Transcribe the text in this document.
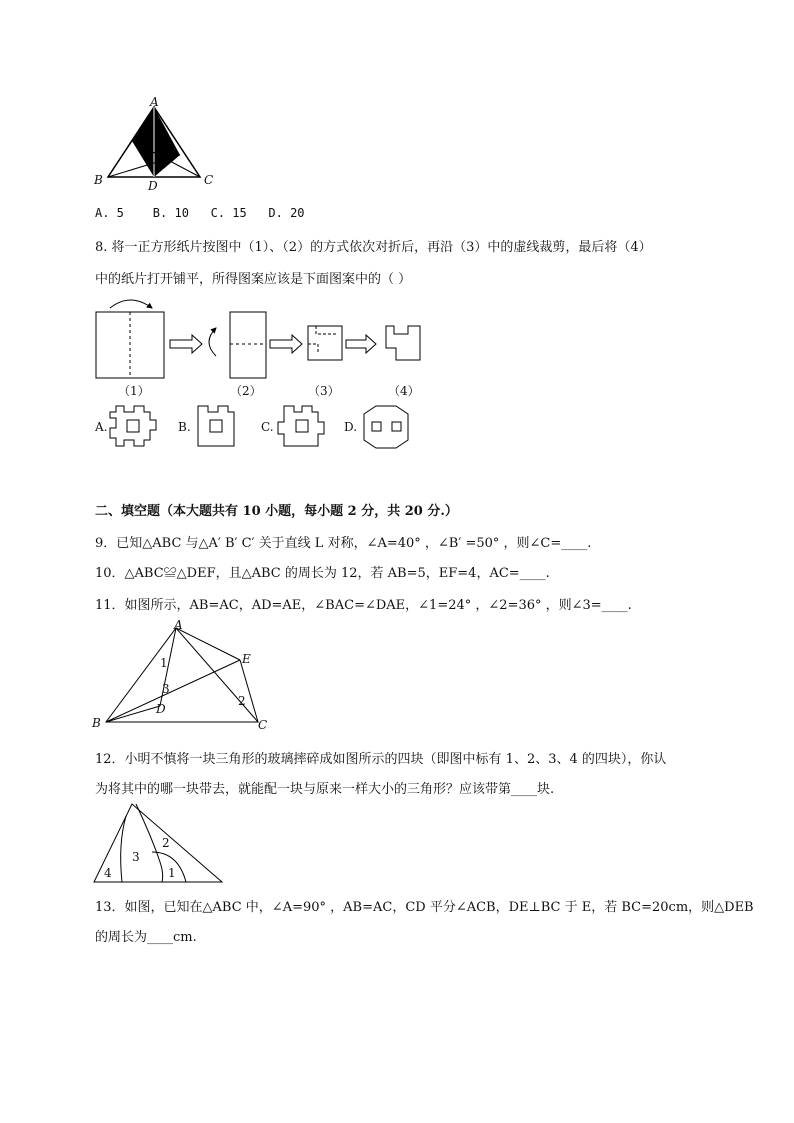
A
B	C
D
A. 5    B. 10   C. 15   D. 20
8. 将一正方形纸片按图中（1）、（2）的方式依次对折后，再沿（3）中的虚线裁剪，最后将（4）
中的纸片打开铺平，所得图案应该是下面图案中的（ ）
（1）	（2）	（3）	（4）
A.	B.	C.	D.
二、填空题（本大题共有 10 小题，每小题 2 分，共 20 分.）
9．已知△ABC 与△A′ B′ C′ 关于直线 L 对称，∠A=40° ，∠B′ =50° ，则∠C=____.
10．△ABC≌△DEF，且△ABC 的周长为 12，若 AB=5，EF=4，AC=____.
11．如图所示，AB=AC，AD=AE，∠BAC=∠DAE，∠1=24° ，∠2=36° ，则∠3=____.
A
B	C
D
E
1
2
3
12．小明不慎将一块三角形的玻璃摔碎成如图所示的四块（即图中标有 1、2、3、4 的四块），你认
为将其中的哪一块带去，就能配一块与原来一样大小的三角形？应该带第____块.
1
2
3
4
13．如图，已知在△ABC 中，∠A=90° ，AB=AC，CD 平分∠ACB，DE⊥BC 于 E，若 BC=20cm，则△DEB
的周长为____cm.
